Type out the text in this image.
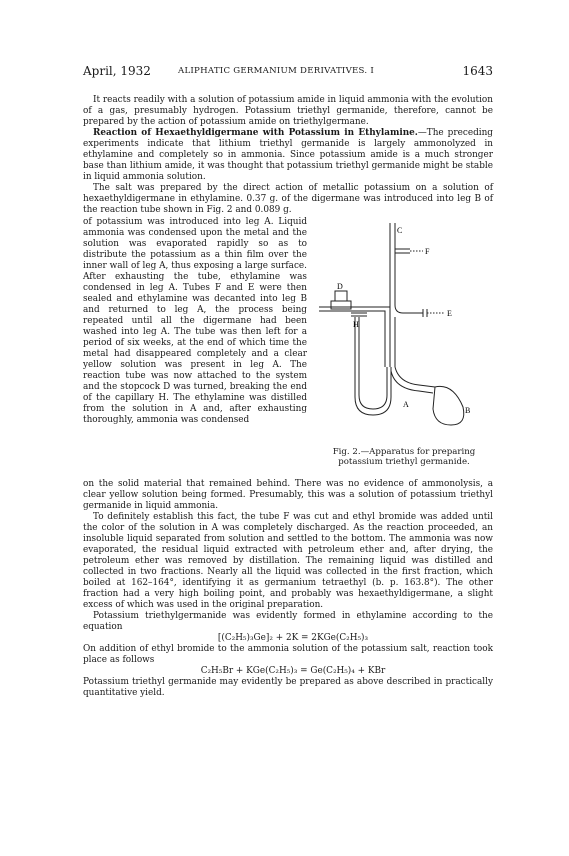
April, 1932	ALIPHATIC GERMANIUM DERIVATIVES. I	1643

It reacts readily with a solution of potassium amide in liquid ammonia with the evolution of a gas, presumably hydrogen. Potassium triethyl germanide, therefore, cannot be prepared by the action of potassium amide on triethylgermane.

Reaction of Hexaethyldigermane with Potassium in Ethylamine.—The preceding experiments indicate that lithium triethyl germanide is largely ammonolyzed in ethylamine and completely so in ammonia. Since potassium amide is a much stronger base than lithium amide, it was thought that potassium triethyl germanide might be stable in liquid ammonia solution.

The salt was prepared by the direct action of metallic potassium on a solution of hexaethyldigermane in ethylamine. 0.37 g. of the digermane was introduced into leg B of the reaction tube shown in Fig. 2 and 0.089 g.

C
F
D
E
H
A
B
Fig. 2.—Apparatus for preparing potassium triethyl germanide.

of potassium was introduced into leg A. Liquid ammonia was condensed upon the metal and the solution was evaporated rapidly so as to distribute the potassium as a thin film over the inner wall of leg A, thus exposing a large surface. After exhausting the tube, ethylamine was condensed in leg A. Tubes F and E were then sealed and ethylamine was decanted into leg B and returned to leg A, the process being repeated until all the digermane had been washed into leg A. The tube was then left for a period of six weeks, at the end of which time the metal had disappeared completely and a clear yellow solution was present in leg A. The reaction tube was now attached to the system and the stopcock D was turned, breaking the end of the capillary H. The ethylamine was distilled from the solution in A and, after exhausting thoroughly, ammonia was condensed

on the solid material that remained behind. There was no evidence of ammonolysis, a clear yellow solution being formed. Presumably, this was a solution of potassium triethyl germanide in liquid ammonia.

To definitely establish this fact, the tube F was cut and ethyl bromide was added until the color of the solution in A was completely discharged. As the reaction proceeded, an insoluble liquid separated from solution and settled to the bottom. The ammonia was now evaporated, the residual liquid extracted with petroleum ether and, after drying, the petroleum ether was removed by distillation. The remaining liquid was distilled and collected in two fractions. Nearly all the liquid was collected in the first fraction, which boiled at 162–164°, identifying it as germanium tetraethyl (b. p. 163.8°). The other fraction had a very high boiling point, and probably was hexaethyldigermane, a slight excess of which was used in the original preparation.

Potassium triethylgermanide was evidently formed in ethylamine according to the equation

[(C₂H₅)₃Ge]₂ + 2K = 2KGe(C₂H₅)₃

On addition of ethyl bromide to the ammonia solution of the potassium salt, reaction took place as follows

C₂H₅Br + KGe(C₂H₅)₃ = Ge(C₂H₅)₄ + KBr

Potassium triethyl germanide may evidently be prepared as above described in practically quantitative yield.
